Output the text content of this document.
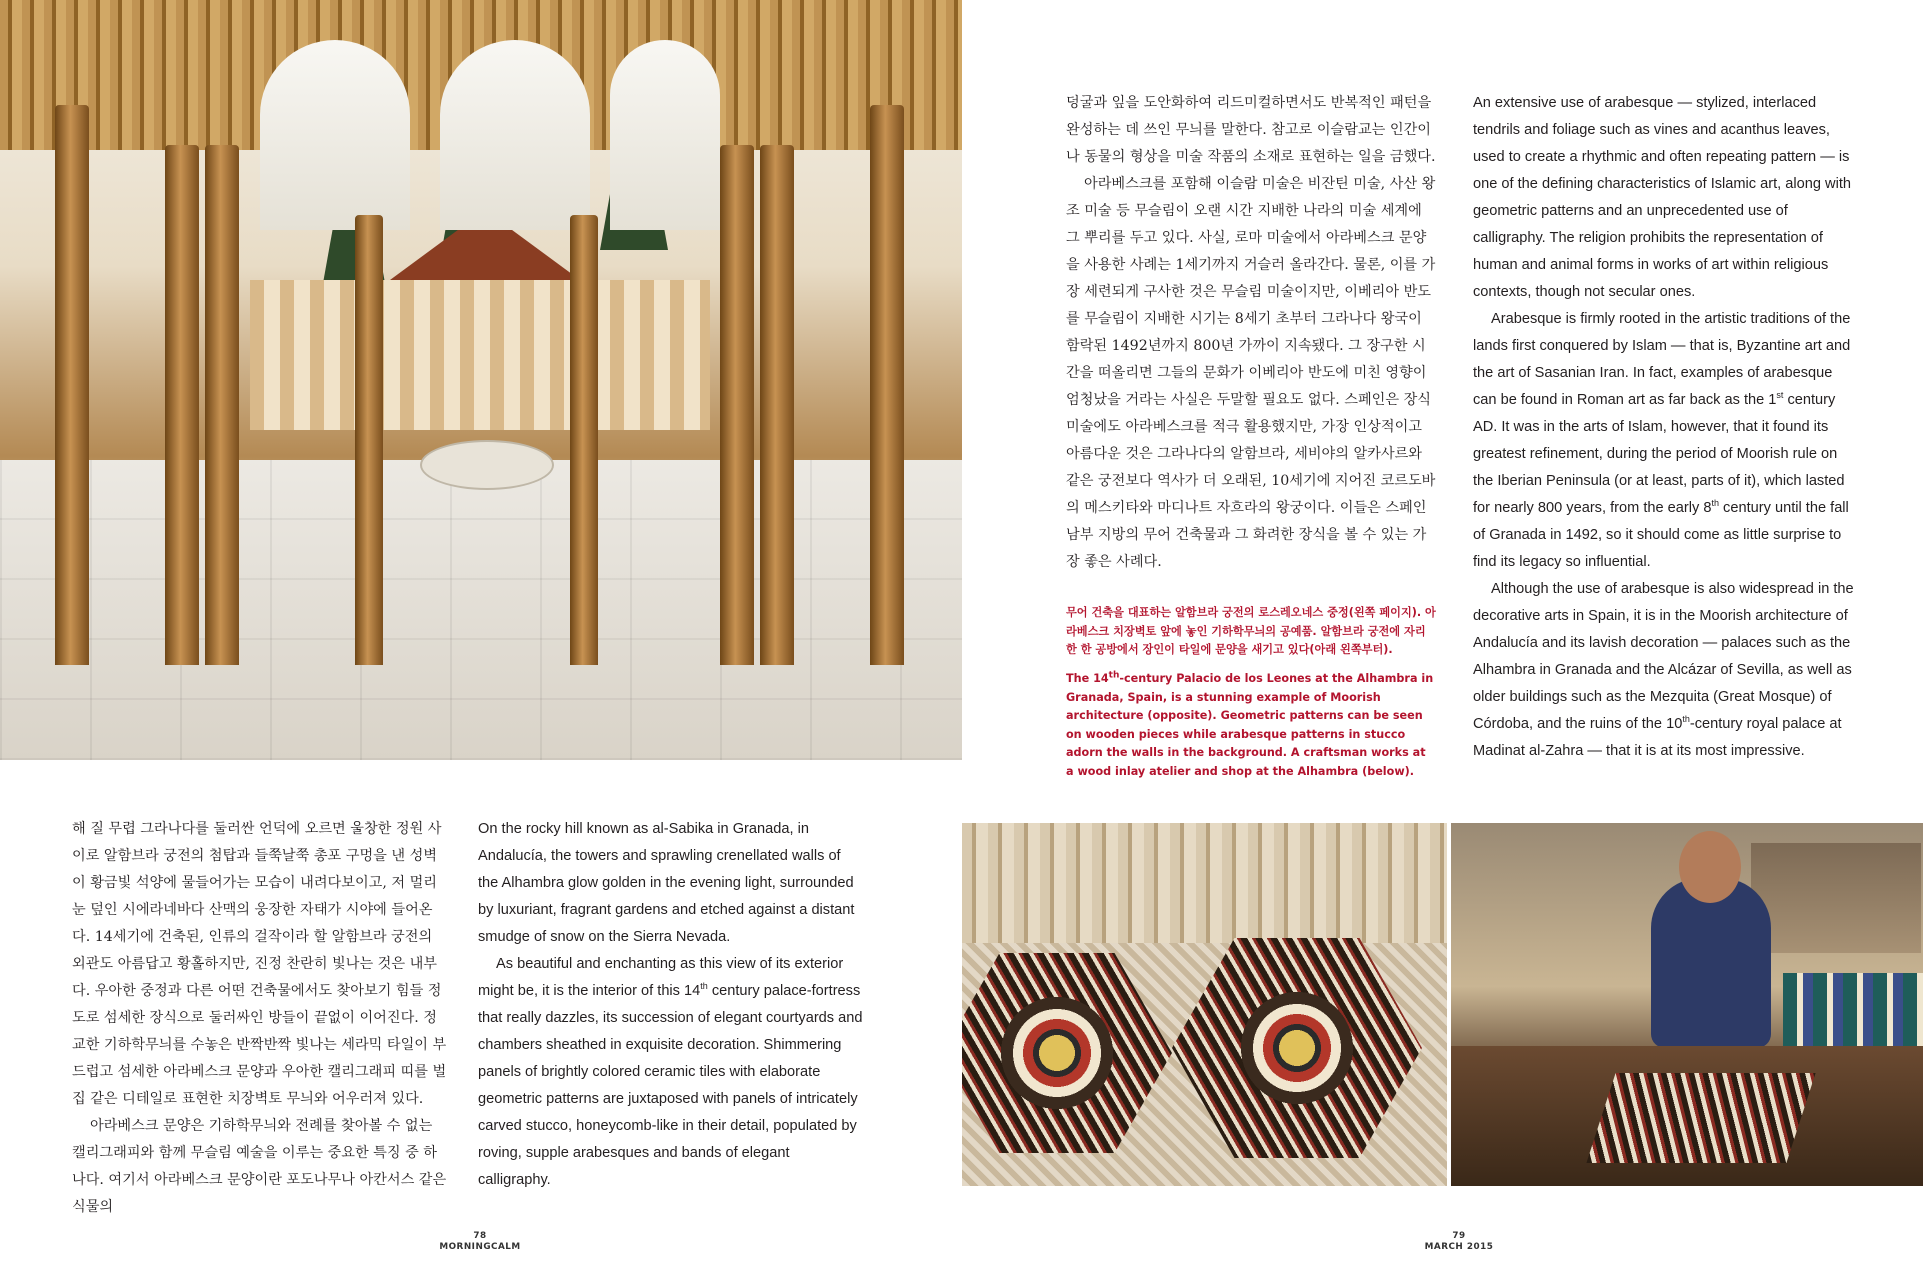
덩굴과 잎을 도안화하여 리드미컬하면서도 반복적인 패턴을 완성하는 데 쓰인 무늬를 말한다. 참고로 이슬람교는 인간이나 동물의 형상을 미술 작품의 소재로 표현하는 일을 금했다.

아라베스크를 포함해 이슬람 미술은 비잔틴 미술, 사산 왕조 미술 등 무슬림이 오랜 시간 지배한 나라의 미술 세계에 그 뿌리를 두고 있다. 사실, 로마 미술에서 아라베스크 문양을 사용한 사례는 1세기까지 거슬러 올라간다. 물론, 이를 가장 세련되게 구사한 것은 무슬림 미술이지만, 이베리아 반도를 무슬림이 지배한 시기는 8세기 초부터 그라나다 왕국이 함락된 1492년까지 800년 가까이 지속됐다. 그 장구한 시간을 떠올리면 그들의 문화가 이베리아 반도에 미친 영향이 엄청났을 거라는 사실은 두말할 필요도 없다. 스페인은 장식 미술에도 아라베스크를 적극 활용했지만, 가장 인상적이고 아름다운 것은 그라나다의 알함브라, 세비야의 알카사르와 같은 궁전보다 역사가 더 오래된, 10세기에 지어진 코르도바의 메스키타와 마디나트 자흐라의 왕궁이다. 이들은 스페인 남부 지방의 무어 건축물과 그 화려한 장식을 볼 수 있는 가장 좋은 사례다.

무어 건축을 대표하는 알함브라 궁전의 로스레오네스 중정(왼쪽 페이지). 아라베스크 치장벽토 앞에 놓인 기하학무늬의 공예품. 알함브라 궁전에 자리한 한 공방에서 장인이 타일에 문양을 새기고 있다(아래 왼쪽부터).
The 14th-century Palacio de los Leones at the Alhambra in Granada, Spain, is a stunning example of Moorish architecture (opposite). Geometric patterns can be seen on wooden pieces while arabesque patterns in stucco adorn the walls in the background. A craftsman works at a wood inlay atelier and shop at the Alhambra (below).

An extensive use of arabesque — stylized, interlaced tendrils and foliage such as vines and acanthus leaves, used to create a rhythmic and often repeating pattern — is one of the defining characteristics of Islamic art, along with geometric patterns and an unprecedented use of calligraphy. The religion prohibits the representation of human and animal forms in works of art within religious contexts, though not secular ones.

Arabesque is firmly rooted in the artistic traditions of the lands first conquered by Islam — that is, Byzantine art and the art of Sasanian Iran. In fact, examples of arabesque can be found in Roman art as far back as the 1st century AD. It was in the arts of Islam, however, that it found its greatest refinement, during the period of Moorish rule on the Iberian Peninsula (or at least, parts of it), which lasted for nearly 800 years, from the early 8th century until the fall of Granada in 1492, so it should come as little surprise to find its legacy so influential.

Although the use of arabesque is also widespread in the decorative arts in Spain, it is in the Moorish architecture of Andalucía and its lavish decoration — palaces such as the Alhambra in Granada and the Alcázar of Sevilla, as well as older buildings such as the Mezquita (Great Mosque) of Córdoba, and the ruins of the 10th-century royal palace at Madinat al-Zahra — that it is at its most impressive.

해 질 무렵 그라나다를 둘러싼 언덕에 오르면 울창한 정원 사이로 알함브라 궁전의 첨탑과 들쭉날쭉 총포 구멍을 낸 성벽이 황금빛 석양에 물들어가는 모습이 내려다보이고, 저 멀리 눈 덮인 시에라네바다 산맥의 웅장한 자태가 시야에 들어온다. 14세기에 건축된, 인류의 걸작이라 할 알함브라 궁전의 외관도 아름답고 황홀하지만, 진정 찬란히 빛나는 것은 내부다. 우아한 중정과 다른 어떤 건축물에서도 찾아보기 힘들 정도로 섬세한 장식으로 둘러싸인 방들이 끝없이 이어진다. 정교한 기하학무늬를 수놓은 반짝반짝 빛나는 세라믹 타일이 부드럽고 섬세한 아라베스크 문양과 우아한 캘리그래피 띠를 벌집 같은 디테일로 표현한 치장벽토 무늬와 어우러져 있다.

아라베스크 문양은 기하학무늬와 전례를 찾아볼 수 없는 캘리그래피와 함께 무슬림 예술을 이루는 중요한 특징 중 하나다. 여기서 아라베스크 문양이란 포도나무나 아칸서스 같은 식물의

On the rocky hill known as al-Sabika in Granada, in Andalucía, the towers and sprawling crenellated walls of the Alhambra glow golden in the evening light, surrounded by luxuriant, fragrant gardens and etched against a distant smudge of snow on the Sierra Nevada.

As beautiful and enchanting as this view of its exterior might be, it is the interior of this 14th century palace-fortress that really dazzles, its succession of elegant courtyards and chambers sheathed in exquisite decoration. Shimmering panels of brightly colored ceramic tiles with elaborate geometric patterns are juxtaposed with panels of intricately carved stucco, honeycomb-like in their detail, populated by roving, supple arabesques and bands of elegant calligraphy.

78
MORNINGCALM
79
MARCH 2015
